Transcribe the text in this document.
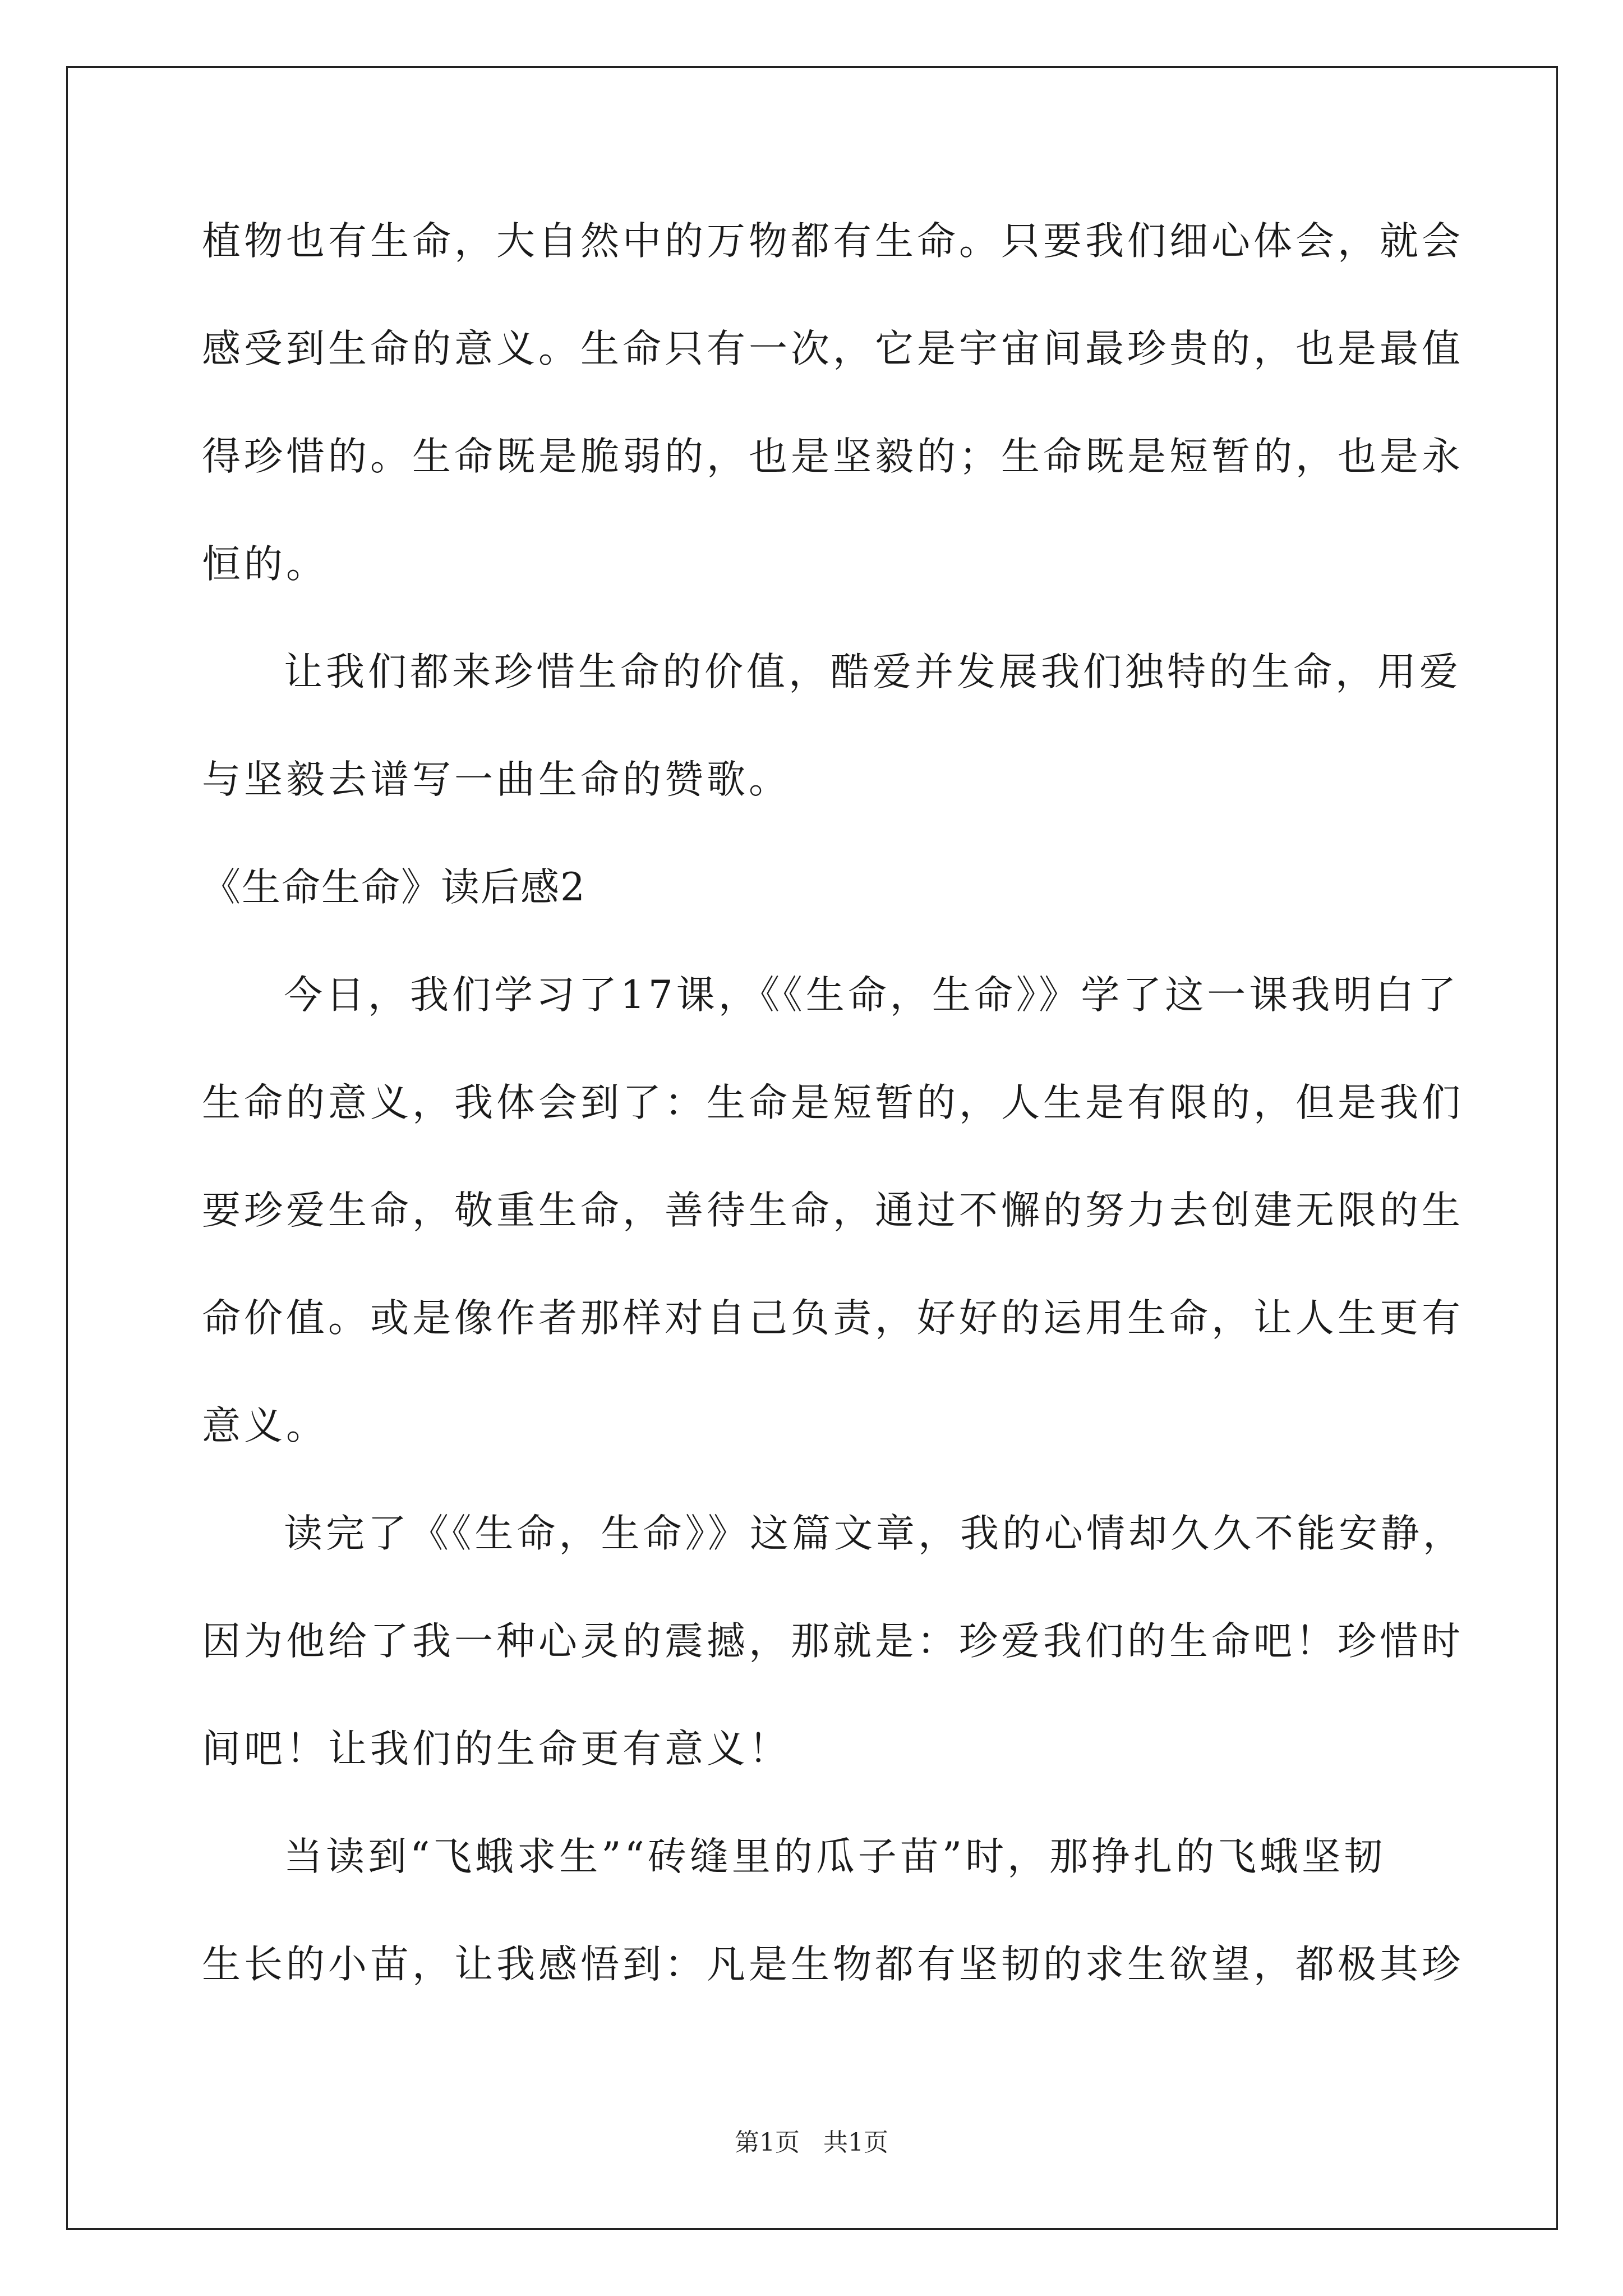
植物也有生命，大自然中的万物都有生命。只要我们细心体会，就会
感受到生命的意义。生命只有一次，它是宇宙间最珍贵的，也是最值
得珍惜的。生命既是脆弱的，也是坚毅的；生命既是短暂的，也是永
恒的。
让我们都来珍惜生命的价值，酷爱并发展我们独特的生命，用爱
与坚毅去谱写一曲生命的赞歌。
《生命生命》读后感2
今日，我们学习了17课，《《生命，生命》》学了这一课我明白了
生命的意义，我体会到了：生命是短暂的，人生是有限的，但是我们
要珍爱生命，敬重生命，善待生命，通过不懈的努力去创建无限的生
命价值。或是像作者那样对自己负责，好好的运用生命，让人生更有
意义。
读完了《《生命，生命》》这篇文章，我的心情却久久不能安静，
因为他给了我一种心灵的震撼，那就是：珍爱我们的生命吧！珍惜时
间吧！让我们的生命更有意义！
当读到“飞蛾求生”“砖缝里的瓜子苗”时，那挣扎的飞蛾坚韧
生长的小苗，让我感悟到：凡是生物都有坚韧的求生欲望，都极其珍
第1页   共1页
